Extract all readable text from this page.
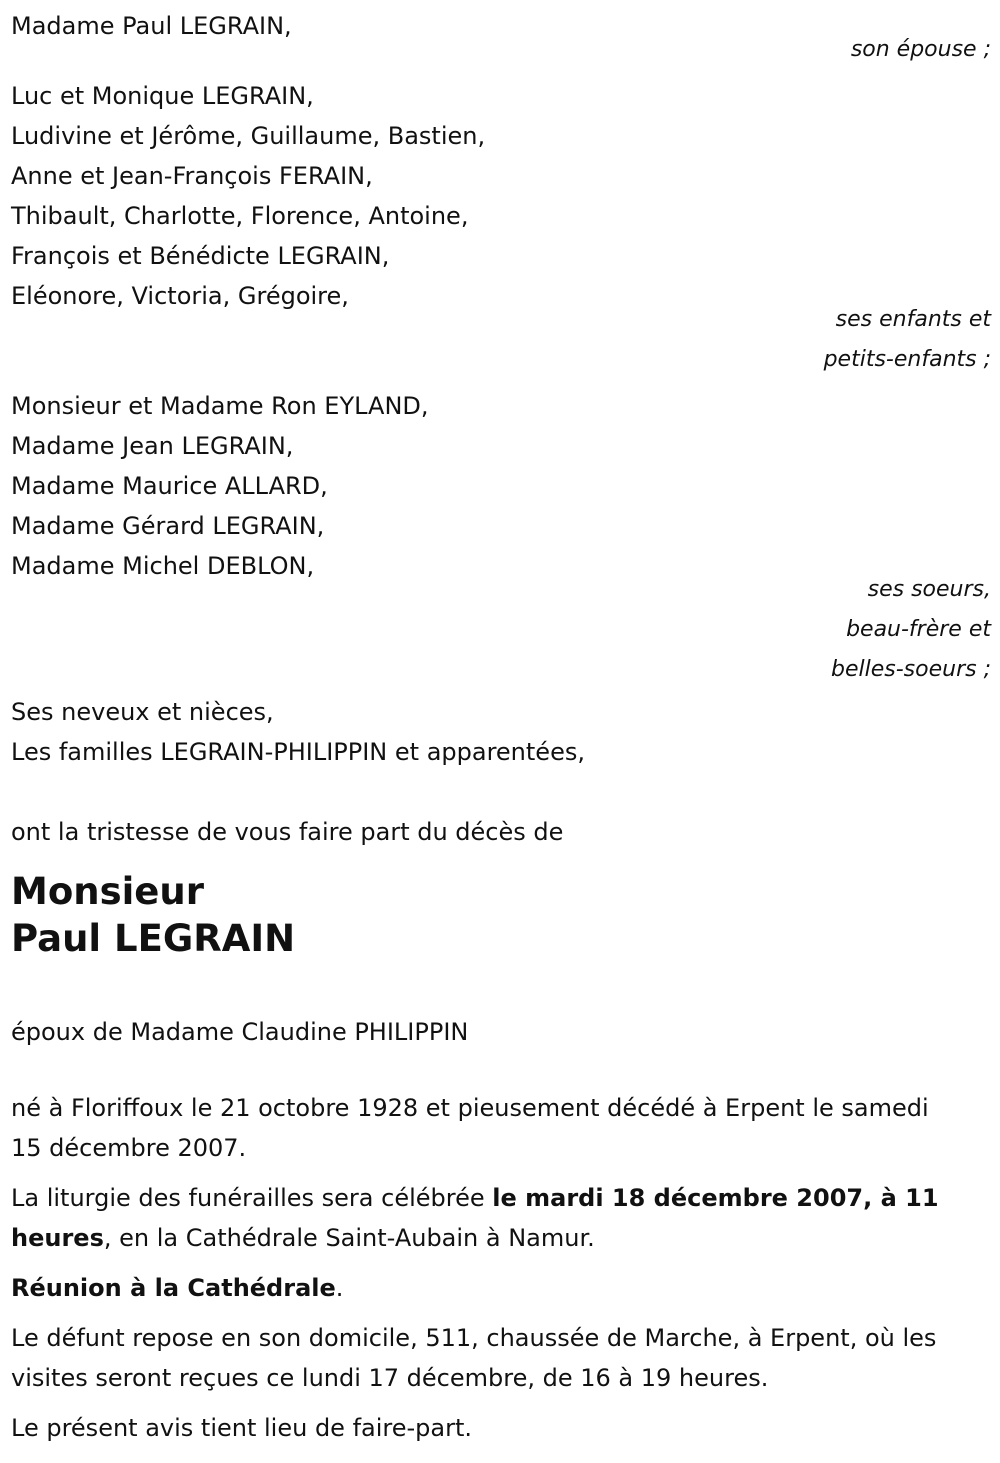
Madame Paul LEGRAIN,
son épouse ;
Luc et Monique LEGRAIN,
Ludivine et Jérôme, Guillaume, Bastien,
Anne et Jean-François FERAIN,
Thibault, Charlotte, Florence, Antoine,
François et Bénédicte LEGRAIN,
Eléonore, Victoria, Grégoire,
ses enfants et
petits-enfants ;
Monsieur et Madame Ron EYLAND,
Madame Jean LEGRAIN,
Madame Maurice ALLARD,
Madame Gérard LEGRAIN,
Madame Michel DEBLON,
ses soeurs,
beau-frère et
belles-soeurs ;
Ses neveux et nièces,
Les familles LEGRAIN-PHILIPPIN et apparentées,
ont la tristesse de vous faire part du décès de
Monsieur
Paul LEGRAIN
époux de Madame Claudine PHILIPPIN
né à Floriffoux le 21 octobre 1928 et pieusement décédé à Erpent le samedi 15 décembre 2007.
La liturgie des funérailles sera célébrée le mardi 18 décembre 2007, à 11 heures, en la Cathédrale Saint-Aubain à Namur.
Réunion à la Cathédrale.
Le défunt repose en son domicile, 511, chaussée de Marche, à Erpent, où les visites seront reçues ce lundi 17 décembre, de 16 à 19 heures.
Le présent avis tient lieu de faire-part.
